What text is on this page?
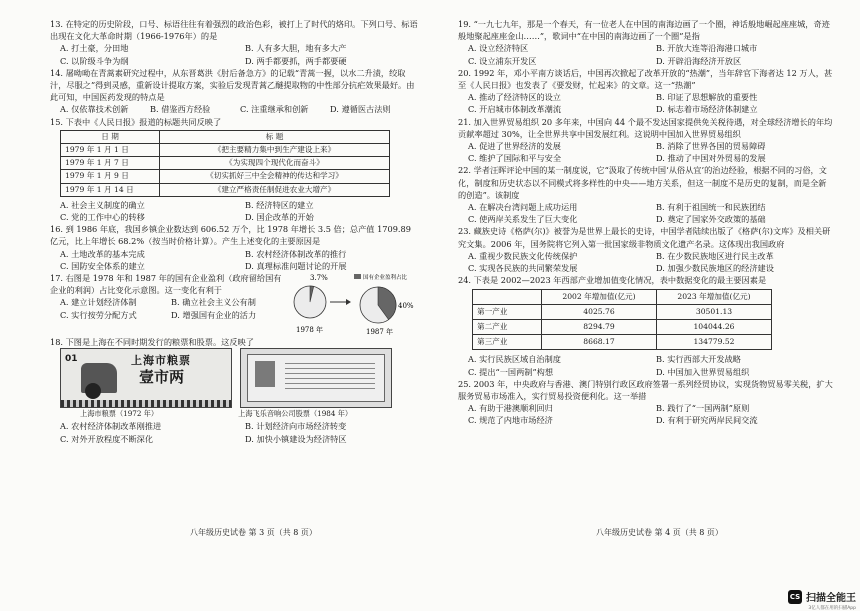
13. 在特定的历史阶段，口号、标语往往有着强烈的政治色彩，被打上了时代的烙印。下列口号、标语出现在文化大革命时期（1966-1976年）的是

A. 打土豪，分田地	B. 人有多大胆，地有多大产
C. 以阶级斗争为纲	D. 两手都要抓，两手都要硬

14. 屠呦呦在青蒿素研究过程中，从东晋葛洪《肘后备急方》的记载“青蒿一握，以水二升渍，绞取汁，尽服之”得到灵感，重新设计提取方案，实验后发现青蒿乙醚提取物的中性部分抗疟效果最好。由此可知，中国医药发现的特点是

A. 仅依靠技术创新	B. 借鉴西方经验	C. 注重继承和创新	D. 遵循医古法则

15. 下表中《人民日报》报道的标题共同反映了

日 期	标 题
1979 年 1 月 1 日	《把主要精力集中到生产建设上来》
1979 年 1 月 7 日	《为实现四个现代化而奋斗》
1979 年 1 月 9 日	《切实抓好三中全会精神的传达和学习》
1979 年 1 月 14 日	《建立严格责任制促进农业大增产》
A. 社会主义制度的确立	B. 经济特区的建立
C. 党的工作中心的转移	D. 国企改革的开始

16. 到 1986 年底，我国乡镇企业数达到 606.52 万个，比 1978 年增长 3.5 倍；总产值 1709.89 亿元，比上年增长 68.2%（按当时价格计算）。产生上述变化的主要原因是

A. 土地改革的基本完成	B. 农村经济体制改革的推行
C. 国防安全体系的建立	D. 真理标准问题讨论的开展

17. 右图是 1978 年和 1987 年的国有企业盈利（政府留给国有企业的利润）占比变化示意图。这一变化有利于

A. 建立计划经济体制	B. 确立社会主义公有制
C. 实行按劳分配方式	D. 增强国有企业的活力
3.7%
1978 年
国有企业盈利占比
40%
1987 年

18. 下图是上海在不同时期发行的粮票和股票。这反映了

01	上海市粮票
壹市两
上海市粮票（1972 年）	上海飞乐音响公司股票（1984 年）
A. 农村经济体制改革刚推进	B. 计划经济向市场经济转变
C. 对外开放程度不断深化	D. 加快小镇建设为经济特区

19. “一九七九年，那是一个春天，有一位老人在中国的南海边画了一个圈，神话般地崛起座座城，奇迹般地聚起座座金山……”，歌词中“在中国的南海边画了一个圈”是指

A. 设立经济特区	B. 开放大连等沿海港口城市
C. 设立浦东开发区	D. 开辟沿海经济开放区

20. 1992 年，邓小平南方谈话后，中国再次掀起了改革开放的“热潮”，当年辞官下海者达 12 万人，甚至《人民日报》也发表了《要发财，忙起来》的文章。这一“热潮”

A. 推动了经济特区的设立	B. 印证了思想解放的重要性
C. 开启城市体制改革潮流	D. 标志着市场经济体制建立

21. 加入世界贸易组织 20 多年来，中国向 44 个最不发达国家提供免关税待遇，对全球经济增长的年均贡献率超过 30%，让全世界共享中国发展红利。这说明中国加入世界贸易组织

A. 促进了世界经济的发展	B. 消除了世界各国的贸易障碍
C. 维护了国际和平与安全	D. 推动了中国对外贸易的发展

22. 学者汪晖评论中国的某一制度说，它“汲取了传统中国‘从俗从宜’的治边经验，根据不同的习俗，文化，制度和历史状态以不同模式将多样性的中央——地方关系，但这一制度不是历史的复制，而是全新的创造”。该制度

A. 在解决台湾问题上成功运用	B. 有利于祖国统一和民族团结
C. 使两岸关系发生了巨大变化	D. 奠定了国家外交政策的基础

23. 藏族史诗《格萨(尔)》被誉为是世界上最长的史诗，中国学者陆续出版了《格萨(尔)文库》及相关研究文集。2006 年，国务院将它列入第一批国家级非物质文化遗产名录。这体现出我国政府

A. 重视少数民族文化传统保护	B. 在少数民族地区进行民主改革
C. 实现各民族的共同繁荣发展	D. 加强少数民族地区的经济建设

24. 下表是 2002—2023 年西部产业增加值变化情况，表中数据变化的最主要因素是

	2002 年增加值(亿元)	2023 年增加值(亿元)
第一产业	4025.76	30501.13
第二产业	8294.79	104044.26
第三产业	8668.17	134779.52
A. 实行民族区域自治制度	B. 实行西部大开发战略
C. 提出“一国两制”构想	D. 中国加入世界贸易组织

25. 2003 年，中央政府与香港、澳门特别行政区政府签署一系列经贸协议，实现货物贸易零关税，扩大服务贸易市场准入，实行贸易投资便利化。这一举措

A. 有助于港澳顺利回归	B. 践行了“一国两制”原则
C. 规范了内地市场经济	D. 有利于研究两岸民间交流
八年级历史试卷 第 3 页（共 8 页）	八年级历史试卷 第 4 页（共 8 页）
CS 扫描全能王
3亿人都在用的扫描App
